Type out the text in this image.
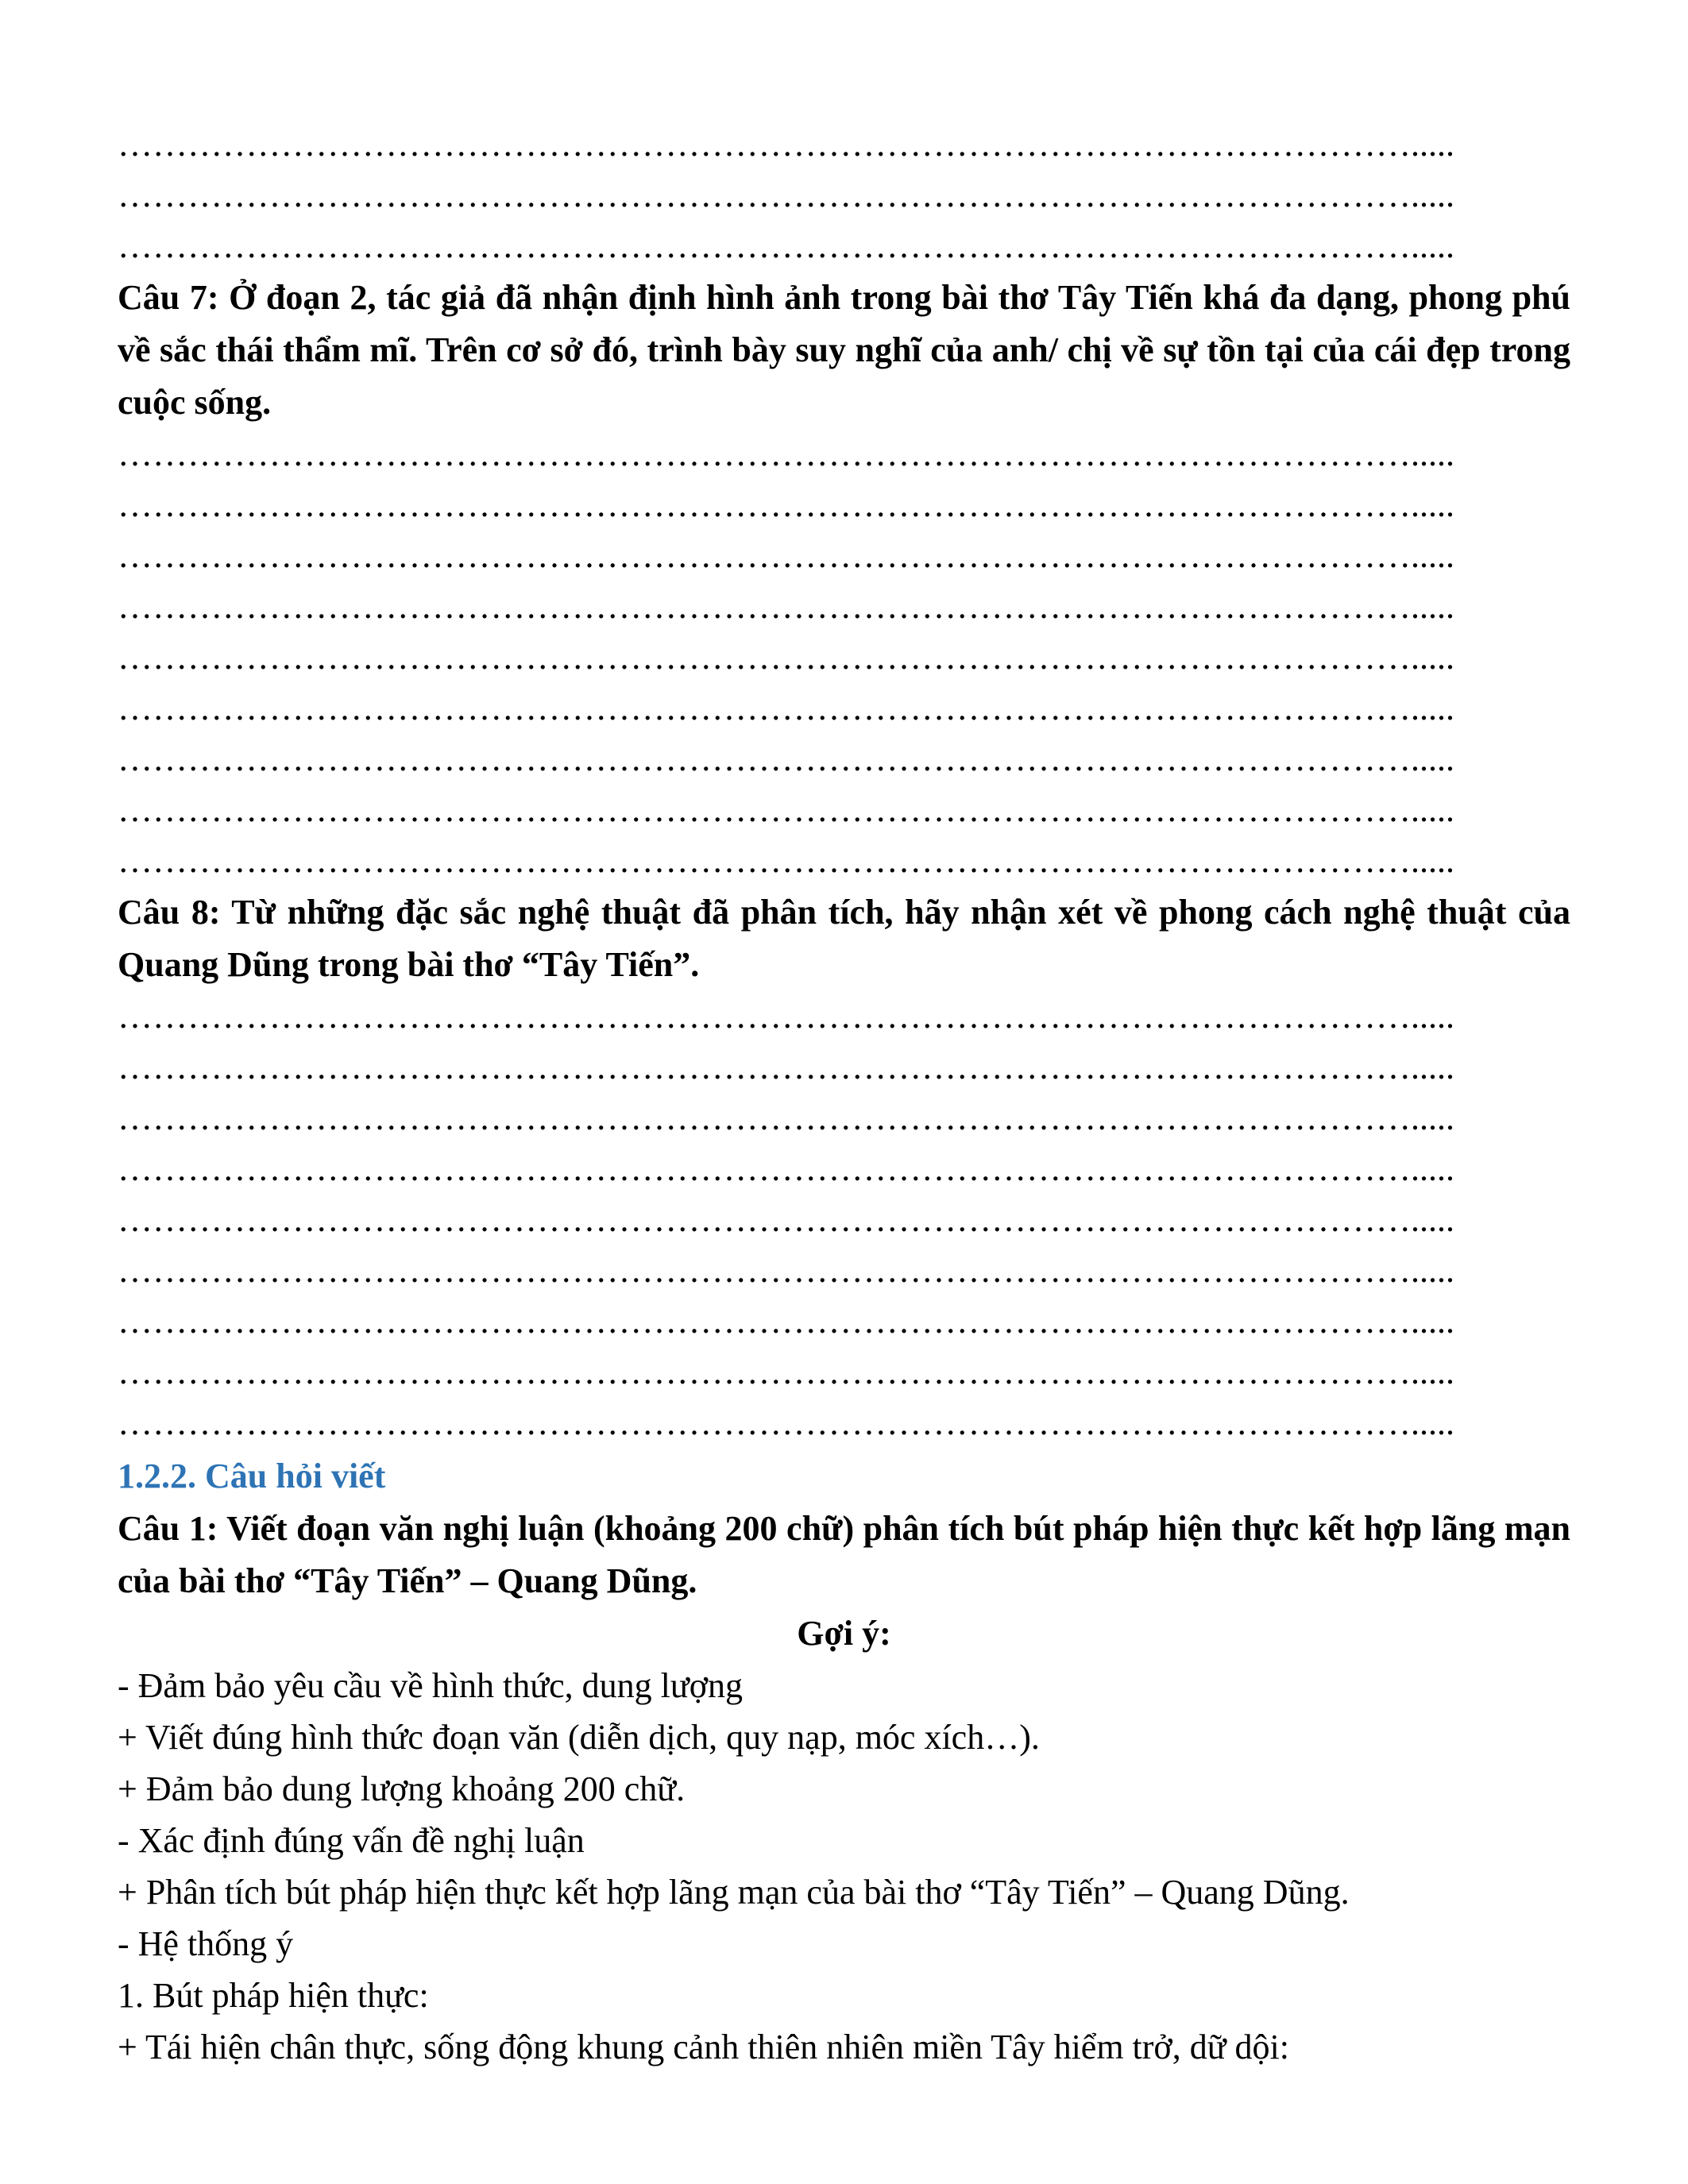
………………………………………………………………………………………………….....
………………………………………………………………………………………………….....
………………………………………………………………………………………………….....
Câu 7: Ở đoạn 2, tác giả đã nhận định hình ảnh trong bài thơ Tây Tiến khá đa dạng, phong phú về sắc thái thẩm mĩ. Trên cơ sở đó, trình bày suy nghĩ của anh/ chị về sự tồn tại của cái đẹp trong cuộc sống.
………………………………………………………………………………………………….....
………………………………………………………………………………………………….....
………………………………………………………………………………………………….....
………………………………………………………………………………………………….....
………………………………………………………………………………………………….....
………………………………………………………………………………………………….....
………………………………………………………………………………………………….....
………………………………………………………………………………………………….....
………………………………………………………………………………………………….....
Câu 8: Từ những đặc sắc nghệ thuật đã phân tích, hãy nhận xét về phong cách nghệ thuật của Quang Dũng trong bài thơ “Tây Tiến”.
………………………………………………………………………………………………….....
………………………………………………………………………………………………….....
………………………………………………………………………………………………….....
………………………………………………………………………………………………….....
………………………………………………………………………………………………….....
………………………………………………………………………………………………….....
………………………………………………………………………………………………….....
………………………………………………………………………………………………….....
………………………………………………………………………………………………….....
1.2.2. Câu hỏi viết
Câu 1: Viết đoạn văn nghị luận (khoảng 200 chữ) phân tích bút pháp hiện thực kết hợp lãng mạn của bài thơ “Tây Tiến” – Quang Dũng.
Gợi ý:
- Đảm bảo yêu cầu về hình thức, dung lượng
+ Viết đúng hình thức đoạn văn (diễn dịch, quy nạp, móc xích…).
+ Đảm bảo dung lượng khoảng 200 chữ.
- Xác định đúng vấn đề nghị luận
+ Phân tích bút pháp hiện thực kết hợp lãng mạn của bài thơ “Tây Tiến” – Quang Dũng.
- Hệ thống ý
1. Bút pháp hiện thực:
+ Tái hiện chân thực, sống động khung cảnh thiên nhiên miền Tây hiểm trở, dữ dội:
